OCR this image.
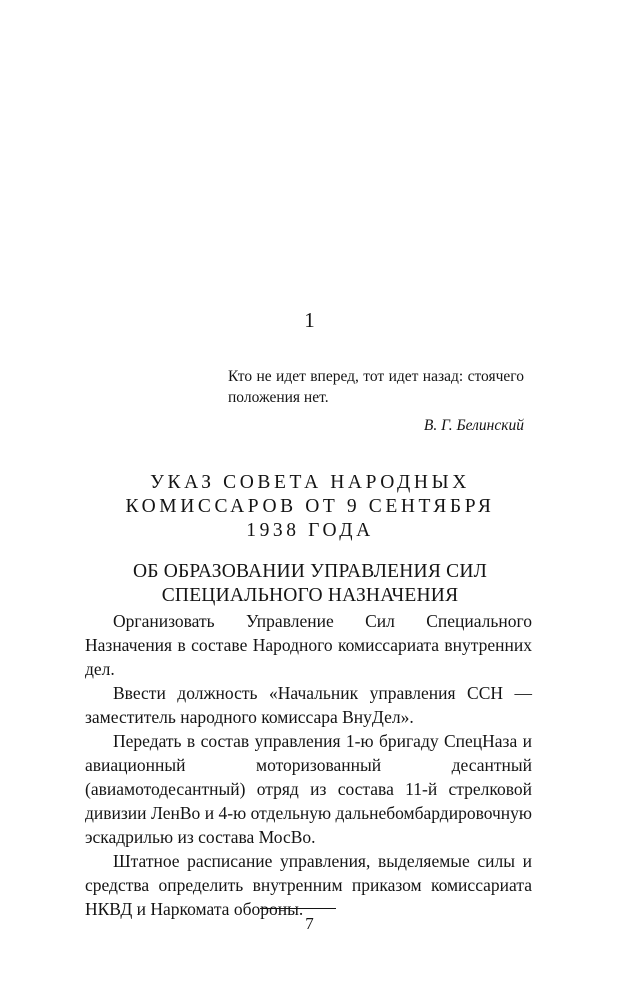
1
Кто не идет вперед, тот идет назад: стоячего положения нет.
В. Г. Белинский
УКАЗ СОВЕТА НАРОДНЫХ
КОМИССАРОВ ОТ 9 СЕНТЯБРЯ
1938 ГОДА
ОБ ОБРАЗОВАНИИ УПРАВЛЕНИЯ СИЛ
СПЕЦИАЛЬНОГО НАЗНАЧЕНИЯ

Организовать Управление Сил Специального Назначения в составе Народного комиссариата внутренних дел.

Ввести должность «Начальник управления ССН — заместитель народного комиссара ВнуДел».

Передать в состав управления 1-ю бригаду СпецНаза и авиационный моторизованный десантный (авиамотодесантный) отряд из состава 11-й стрелковой дивизии ЛенВо и 4-ю отдельную дальнебомбардировочную эскадрилью из состава МосВо.

Штатное расписание управления, выделяемые силы и средства определить внутренним приказом комиссариата НКВД и Наркомата обороны.

7
